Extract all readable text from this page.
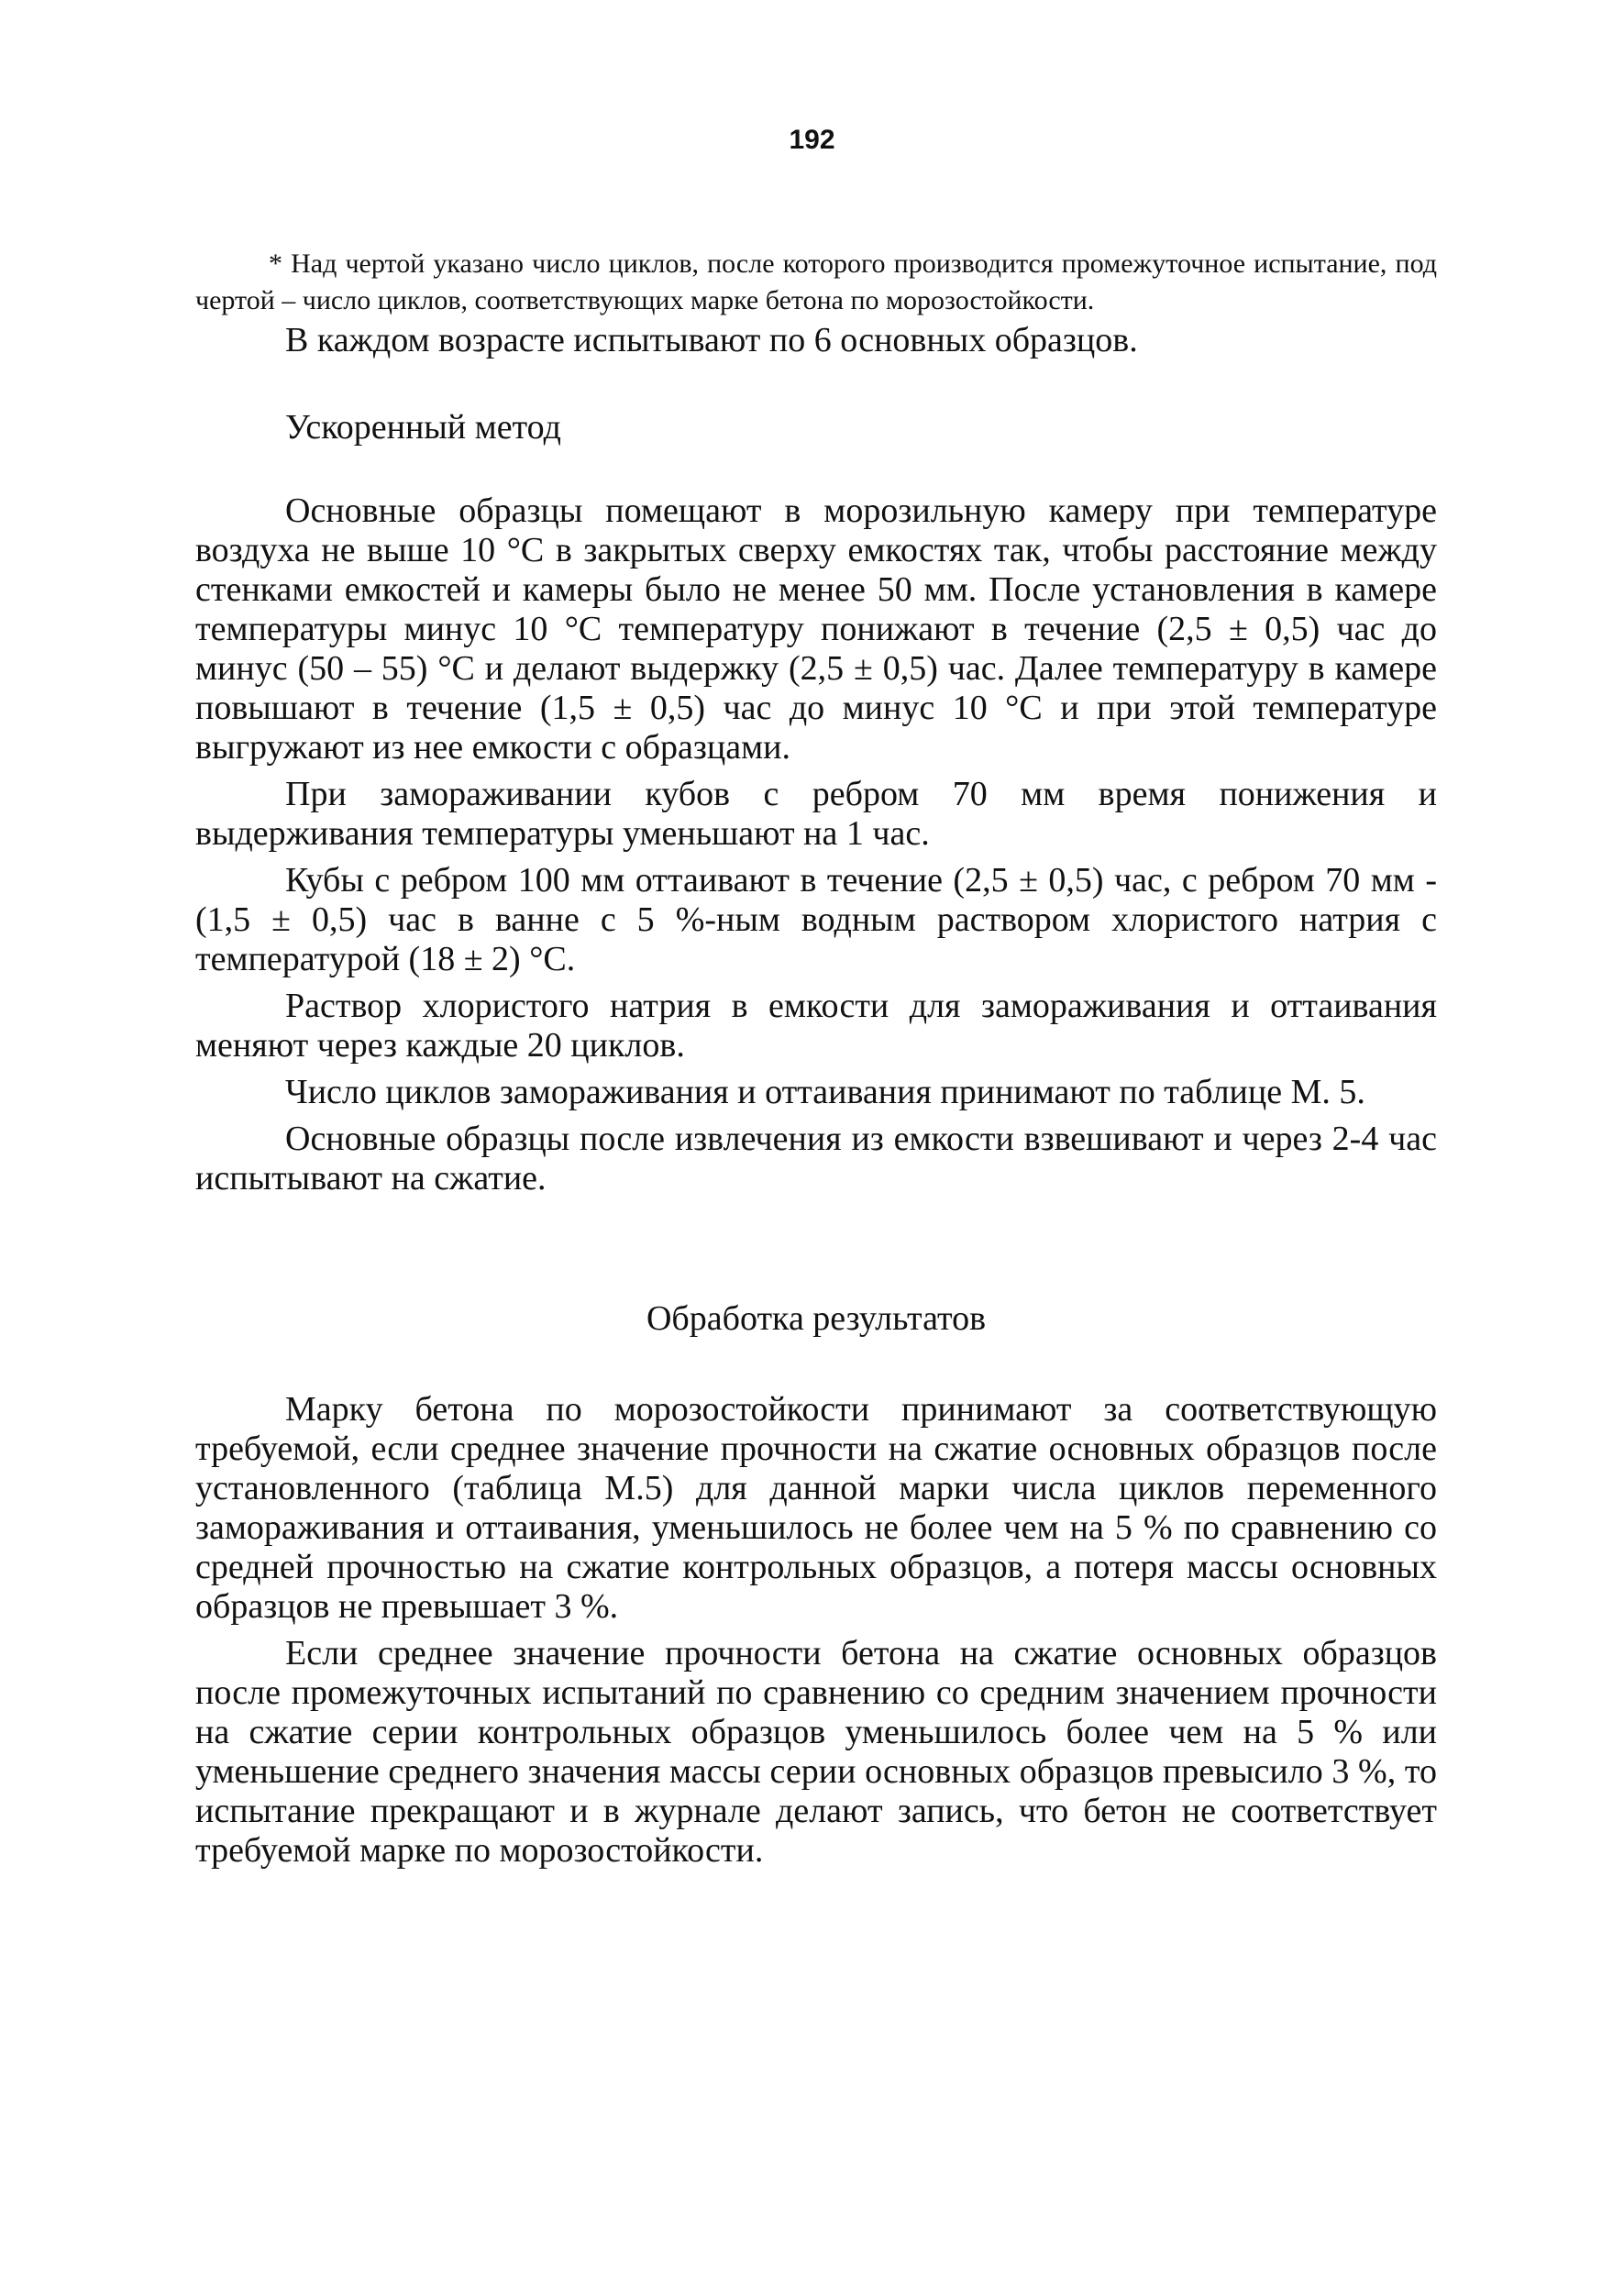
192

* Над чертой указано число циклов, после которого производится промежуточное испытание, под чертой – число циклов, соответствующих марке бетона по морозостойкости.

В каждом возрасте испытывают по 6 основных образцов.

Ускоренный метод

Основные образцы помещают в морозильную камеру при температуре воздуха не выше 10 °С в закрытых сверху емкостях так, чтобы расстояние между стенками емкостей и камеры было не менее 50 мм. После установления в камере температуры минус 10 °С температуру понижают в течение (2,5 ± 0,5) час до минус (50 – 55) °С и делают выдержку (2,5 ± 0,5) час. Далее температуру в камере повышают в течение (1,5 ± 0,5) час до минус 10 °С и при этой температуре выгружают из нее емкости с образцами.

При замораживании кубов с ребром 70 мм время понижения и выдерживания температуры уменьшают на 1 час.

Кубы с ребром 100 мм оттаивают в течение (2,5 ± 0,5) час, с ребром 70 мм - (1,5 ± 0,5) час в ванне с 5 %-ным водным раствором хлористого натрия с температурой (18 ± 2) °С.

Раствор хлористого натрия в емкости для замораживания и оттаивания меняют через каждые 20 циклов.

Число циклов замораживания и оттаивания принимают по таблице М. 5.

Основные образцы после извлечения из емкости взвешивают и через 2-4 час испытывают на сжатие.

Обработка результатов

Марку бетона по морозостойкости принимают за соответствующую требуемой, если среднее значение прочности на сжатие основных образцов после установленного (таблица М.5) для данной марки числа циклов переменного замораживания и оттаивания, уменьшилось не более чем на 5 % по сравнению со средней прочностью на сжатие контрольных образцов, а потеря массы основных образцов не превышает 3 %.

Если среднее значение прочности бетона на сжатие основных образцов после промежуточных испытаний по сравнению со средним значением прочности на сжатие серии контрольных образцов уменьшилось более чем на 5 % или уменьшение среднего значения массы серии основных образцов превысило 3 %, то испытание прекращают и в журнале делают запись, что бетон не соответствует требуемой марке по морозостойкости.
